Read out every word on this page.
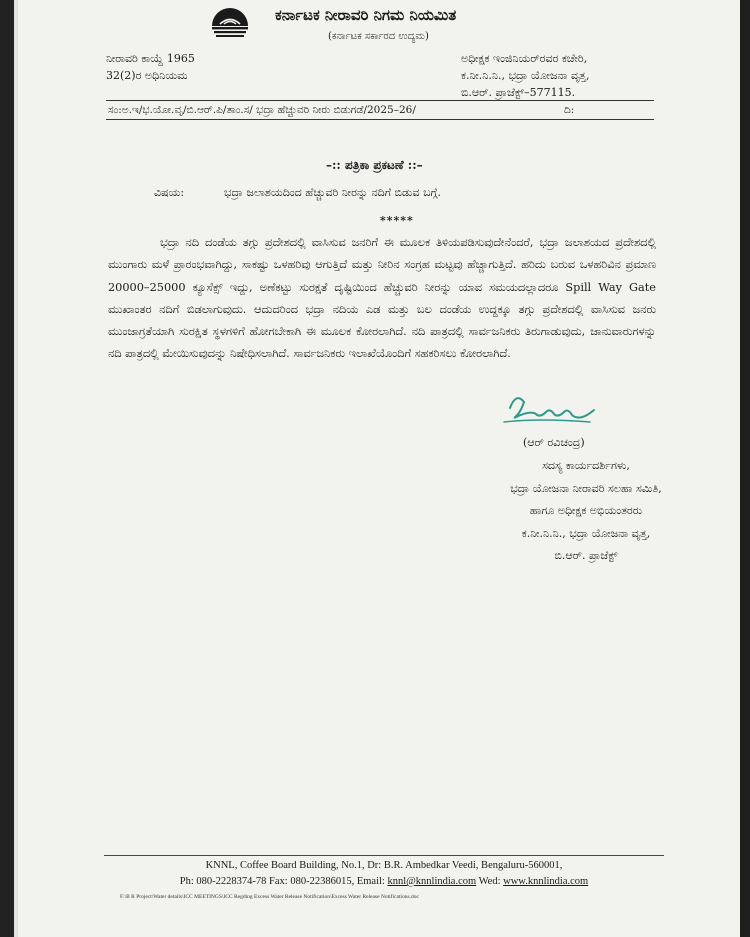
ಕರ್ನಾಟಕ ನೀರಾವರಿ ನಿಗಮ ನಿಯಮಿತ
(ಕರ್ನಾಟಕ ಸರ್ಕಾರದ ಉದ್ಯಮ)
ನೀರಾವರಿ ಕಾಯ್ದೆ 1965
32(2)ರ ಅಧಿನಿಯಮ
ಅಧೀಕ್ಷಕ ಇಂಜಿನಿಯರ್‌ರವರ ಕಚೇರಿ,
ಕ.ನೀ.ನಿ.ನಿ., ಭದ್ರಾ ಯೋಜನಾ ವೃತ್ತ,
ಬಿ.ಆರ್. ಪ್ರಾಜೆಕ್ಟ್–577115.
ಸಂ:ಅ.ಇ/ಭ.ಯೋ.ವೃ/ಬಿ.ಆರ್.ಪಿ/ತಾಂ.ಸ/ ಭದ್ರಾ ಹೆಚ್ಚುವರಿ ನೀರು ಬಿಡುಗಡೆ/2025–26/	ದಿ:
–:: ಪತ್ರಿಕಾ ಪ್ರಕಟಣೆ ::–
ವಿಷಯ:	ಭದ್ರಾ ಜಲಾಶಯದಿಂದ ಹೆಚ್ಚುವರಿ ನೀರನ್ನು ನದಿಗೆ ಬಿಡುವ ಬಗ್ಗೆ.
*****
ಭದ್ರಾ ನದಿ ದಂಡೆಯ ತಗ್ಗು ಪ್ರದೇಶದಲ್ಲಿ ವಾಸಿಸುವ ಜನರಿಗೆ ಈ ಮೂಲಕ ತಿಳಿಯಪಡಿಸುವುದೇನೆಂದರೆ, ಭದ್ರಾ ಜಲಾಶಯದ ಪ್ರದೇಶದಲ್ಲಿ ಮುಂಗಾರು ಮಳೆ ಪ್ರಾರಂಭವಾಗಿದ್ದು, ಸಾಕಷ್ಟು ಒಳಹರಿವು ಆಗುತ್ತಿದೆ ಮತ್ತು ನೀರಿನ ಸಂಗ್ರಹ ಮಟ್ಟವು ಹೆಚ್ಚಾಗುತ್ತಿದೆ. ಹರಿದು ಬರುವ ಒಳಹರಿವಿನ ಪ್ರಮಾಣ 20000–25000 ಕ್ಯೂಸೆಕ್ಸ್ ಇದ್ದು, ಅಣೆಕಟ್ಟು ಸುರಕ್ಷತೆ ದೃಷ್ಟಿಯಿಂದ ಹೆಚ್ಚುವರಿ ನೀರನ್ನು ಯಾವ ಸಮಯದಲ್ಲಾದರೂ Spill Way Gate ಮುಖಾಂತರ ನದಿಗೆ ಬಿಡಲಾಗುವುದು. ಆದುದರಿಂದ ಭದ್ರಾ ನದಿಯ ಎಡ ಮತ್ತು ಬಲ ದಂಡೆಯ ಉದ್ದಕ್ಕೂ ತಗ್ಗು ಪ್ರದೇಶದಲ್ಲಿ ವಾಸಿಸುವ ಜನರು ಮುಂಜಾಗ್ರತೆಯಾಗಿ ಸುರಕ್ಷಿತ ಸ್ಥಳಗಳಿಗೆ ಹೋಗಬೇಕಾಗಿ ಈ ಮೂಲಕ ಕೋರಲಾಗಿದೆ. ನದಿ ಪಾತ್ರದಲ್ಲಿ ಸಾರ್ವಜನಿಕರು ತಿರುಗಾಡುವುದು, ಜಾನುವಾರುಗಳನ್ನು ನದಿ ಪಾತ್ರದಲ್ಲಿ ಮೇಯಿಸುವುದನ್ನು ನಿಷೇಧಿಸಲಾಗಿದೆ. ಸಾರ್ವಜನಿಕರು ಇಲಾಖೆಯೊಂದಿಗೆ ಸಹಕರಿಸಲು ಕೋರಲಾಗಿದೆ.
(ಆರ್ ರವಿಚಂದ್ರ)
ಸದಸ್ಯ ಕಾರ್ಯದರ್ಶಿಗಳು,
ಭದ್ರಾ ಯೋಜನಾ ನೀರಾವರಿ ಸಲಹಾ ಸಮಿತಿ,
ಹಾಗೂ ಅಧೀಕ್ಷಕ ಅಭಿಯಂತರರು
ಕ.ನೀ.ನಿ.ನಿ., ಭದ್ರಾ ಯೋಜನಾ ವೃತ್ತ,
ಬಿ.ಆರ್. ಪ್ರಾಜೆಕ್ಟ್
KNNL, Coffee Board Building, No.1, Dr: B.R. Ambedkar Veedi, Bengaluru-560001,
Ph: 080-2228374-78 Fax: 080-22386015, Email: knnl@knnlindia.com Wed: www.knnlindia.com
F:\B R Project\Water details\ICC MEETINGS\ICC Regding Excess Water Release Notification\Excess Water Release Notifications.doc
